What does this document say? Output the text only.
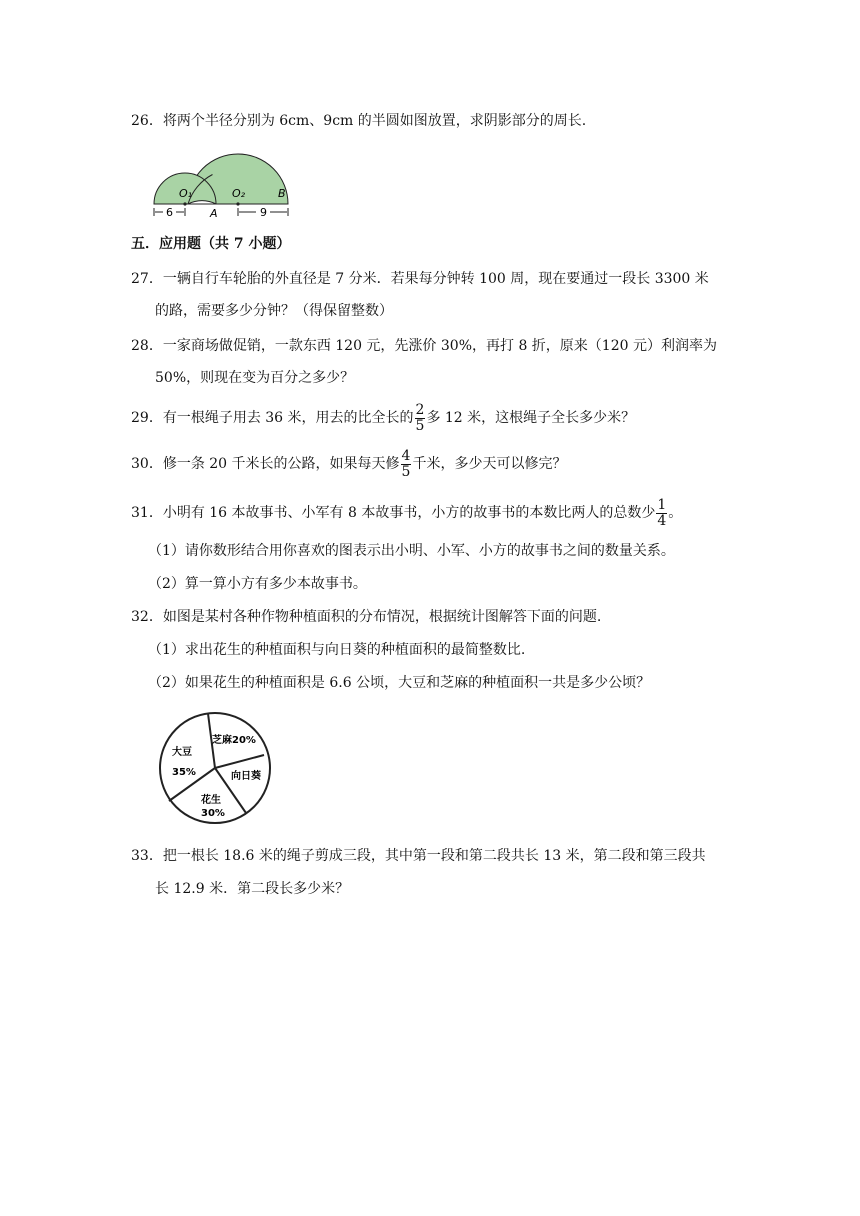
26．将两个半径分别为 6cm、9cm 的半圆如图放置，求阴影部分的周长.
O₁	O₂
A
B
6	9
五．应用题（共 7 小题）
27．一辆自行车轮胎的外直径是 7 分米．若果每分钟转 100 周，现在要通过一段长 3300 米
的路，需要多少分钟？（得保留整数）
28．一家商场做促销，一款东西 120 元，先涨价 30%，再打 8 折，原来（120 元）利润率为
50%，则现在变为百分之多少？
29．有一根绳子用去 36 米，用去的比全长的 $\frac{2}{5}$ 多 12 米，这根绳子全长多少米？
30．修一条 20 千米长的公路，如果每天修 $\frac{4}{5}$ 千米，多少天可以修完？
31．小明有 16 本故事书、小军有 8 本故事书，小方的故事书的本数比两人的总数少 $\frac{1}{4}$ 。
（1）请你数形结合用你喜欢的图表示出小明、小军、小方的故事书之间的数量关系。
（2）算一算小方有多少本故事书。
32．如图是某村各种作物种植面积的分布情况，根据统计图解答下面的问题.
（1）求出花生的种植面积与向日葵的种植面积的最简整数比.
（2）如果花生的种植面积是 6.6 公顷，大豆和芝麻的种植面积一共是多少公顷？
芝麻20%
向日葵
花生
30%
大豆
35%
33．把一根长 18.6 米的绳子剪成三段，其中第一段和第二段共长 13 米，第二段和第三段共
长 12.9 米．第二段长多少米？
